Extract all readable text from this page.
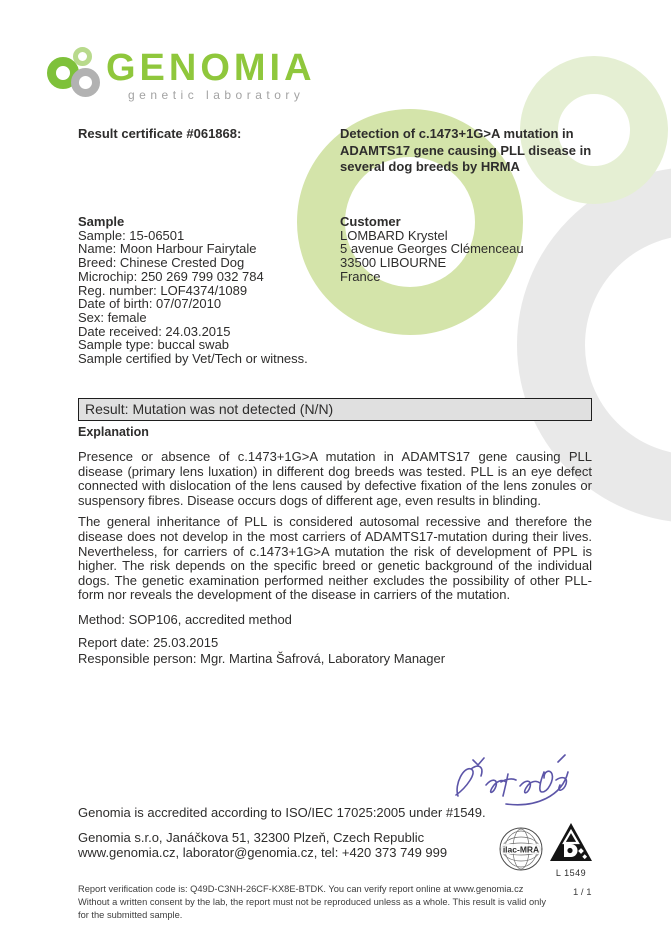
GENOMIA
genetic laboratory
Result certificate #061868:	Detection of c.1473+1G>A mutation in ADAMTS17 gene causing PLL disease in several dog breeds by HRMA
Sample
Sample: 15-06501
Name: Moon Harbour Fairytale
Breed: Chinese Crested Dog
Microchip: 250 269 799 032 784
Reg. number: LOF4374/1089
Date of birth: 07/07/2010
Sex: female
Date received: 24.03.2015
Sample type: buccal swab
Sample certified by Vet/Tech or witness.
Customer
LOMBARD Krystel
5 avenue Georges Clémenceau
33500 LIBOURNE
France
Result: Mutation was not detected (N/N)
Explanation

Presence or absence of c.1473+1G>A mutation in ADAMTS17 gene causing PLL disease (primary lens luxation) in different dog breeds was tested. PLL is an eye defect connected with dislocation of the lens caused by defective fixation of the lens zonules or suspensory fibres. Disease occurs dogs of different age, even results in blinding.

The general inheritance of PLL is considered autosomal recessive and therefore the disease does not develop in the most carriers of ADAMTS17-mutation during their lives. Nevertheless, for carriers of c.1473+1G>A mutation the risk of development of PPL is higher. The risk depends on the specific breed or genetic background of the individual dogs. The genetic examination performed neither excludes the possibility of other PLL-form nor reveals the development of the disease in carriers of the mutation.

Method: SOP106, accredited method
Report date: 25.03.2015
Responsible person: Mgr. Martina Šafrová, Laboratory Manager
Genomia is accredited according to ISO/IEC 17025:2005 under #1549.
Genomia s.r.o, Janáčkova 51, 32300 Plzeň, Czech Republic
www.genomia.cz, laborator@genomia.cz, tel: +420 373 749 999	ilac-MRA
L 1549
Report verification code is: Q49D-C3NH-26CF-KX8E-BTDK. You can verify report online at www.genomia.cz
Without a written consent by the lab, the report must not be reproduced unless as a whole. This result is valid only for the submitted sample.
1 / 1
